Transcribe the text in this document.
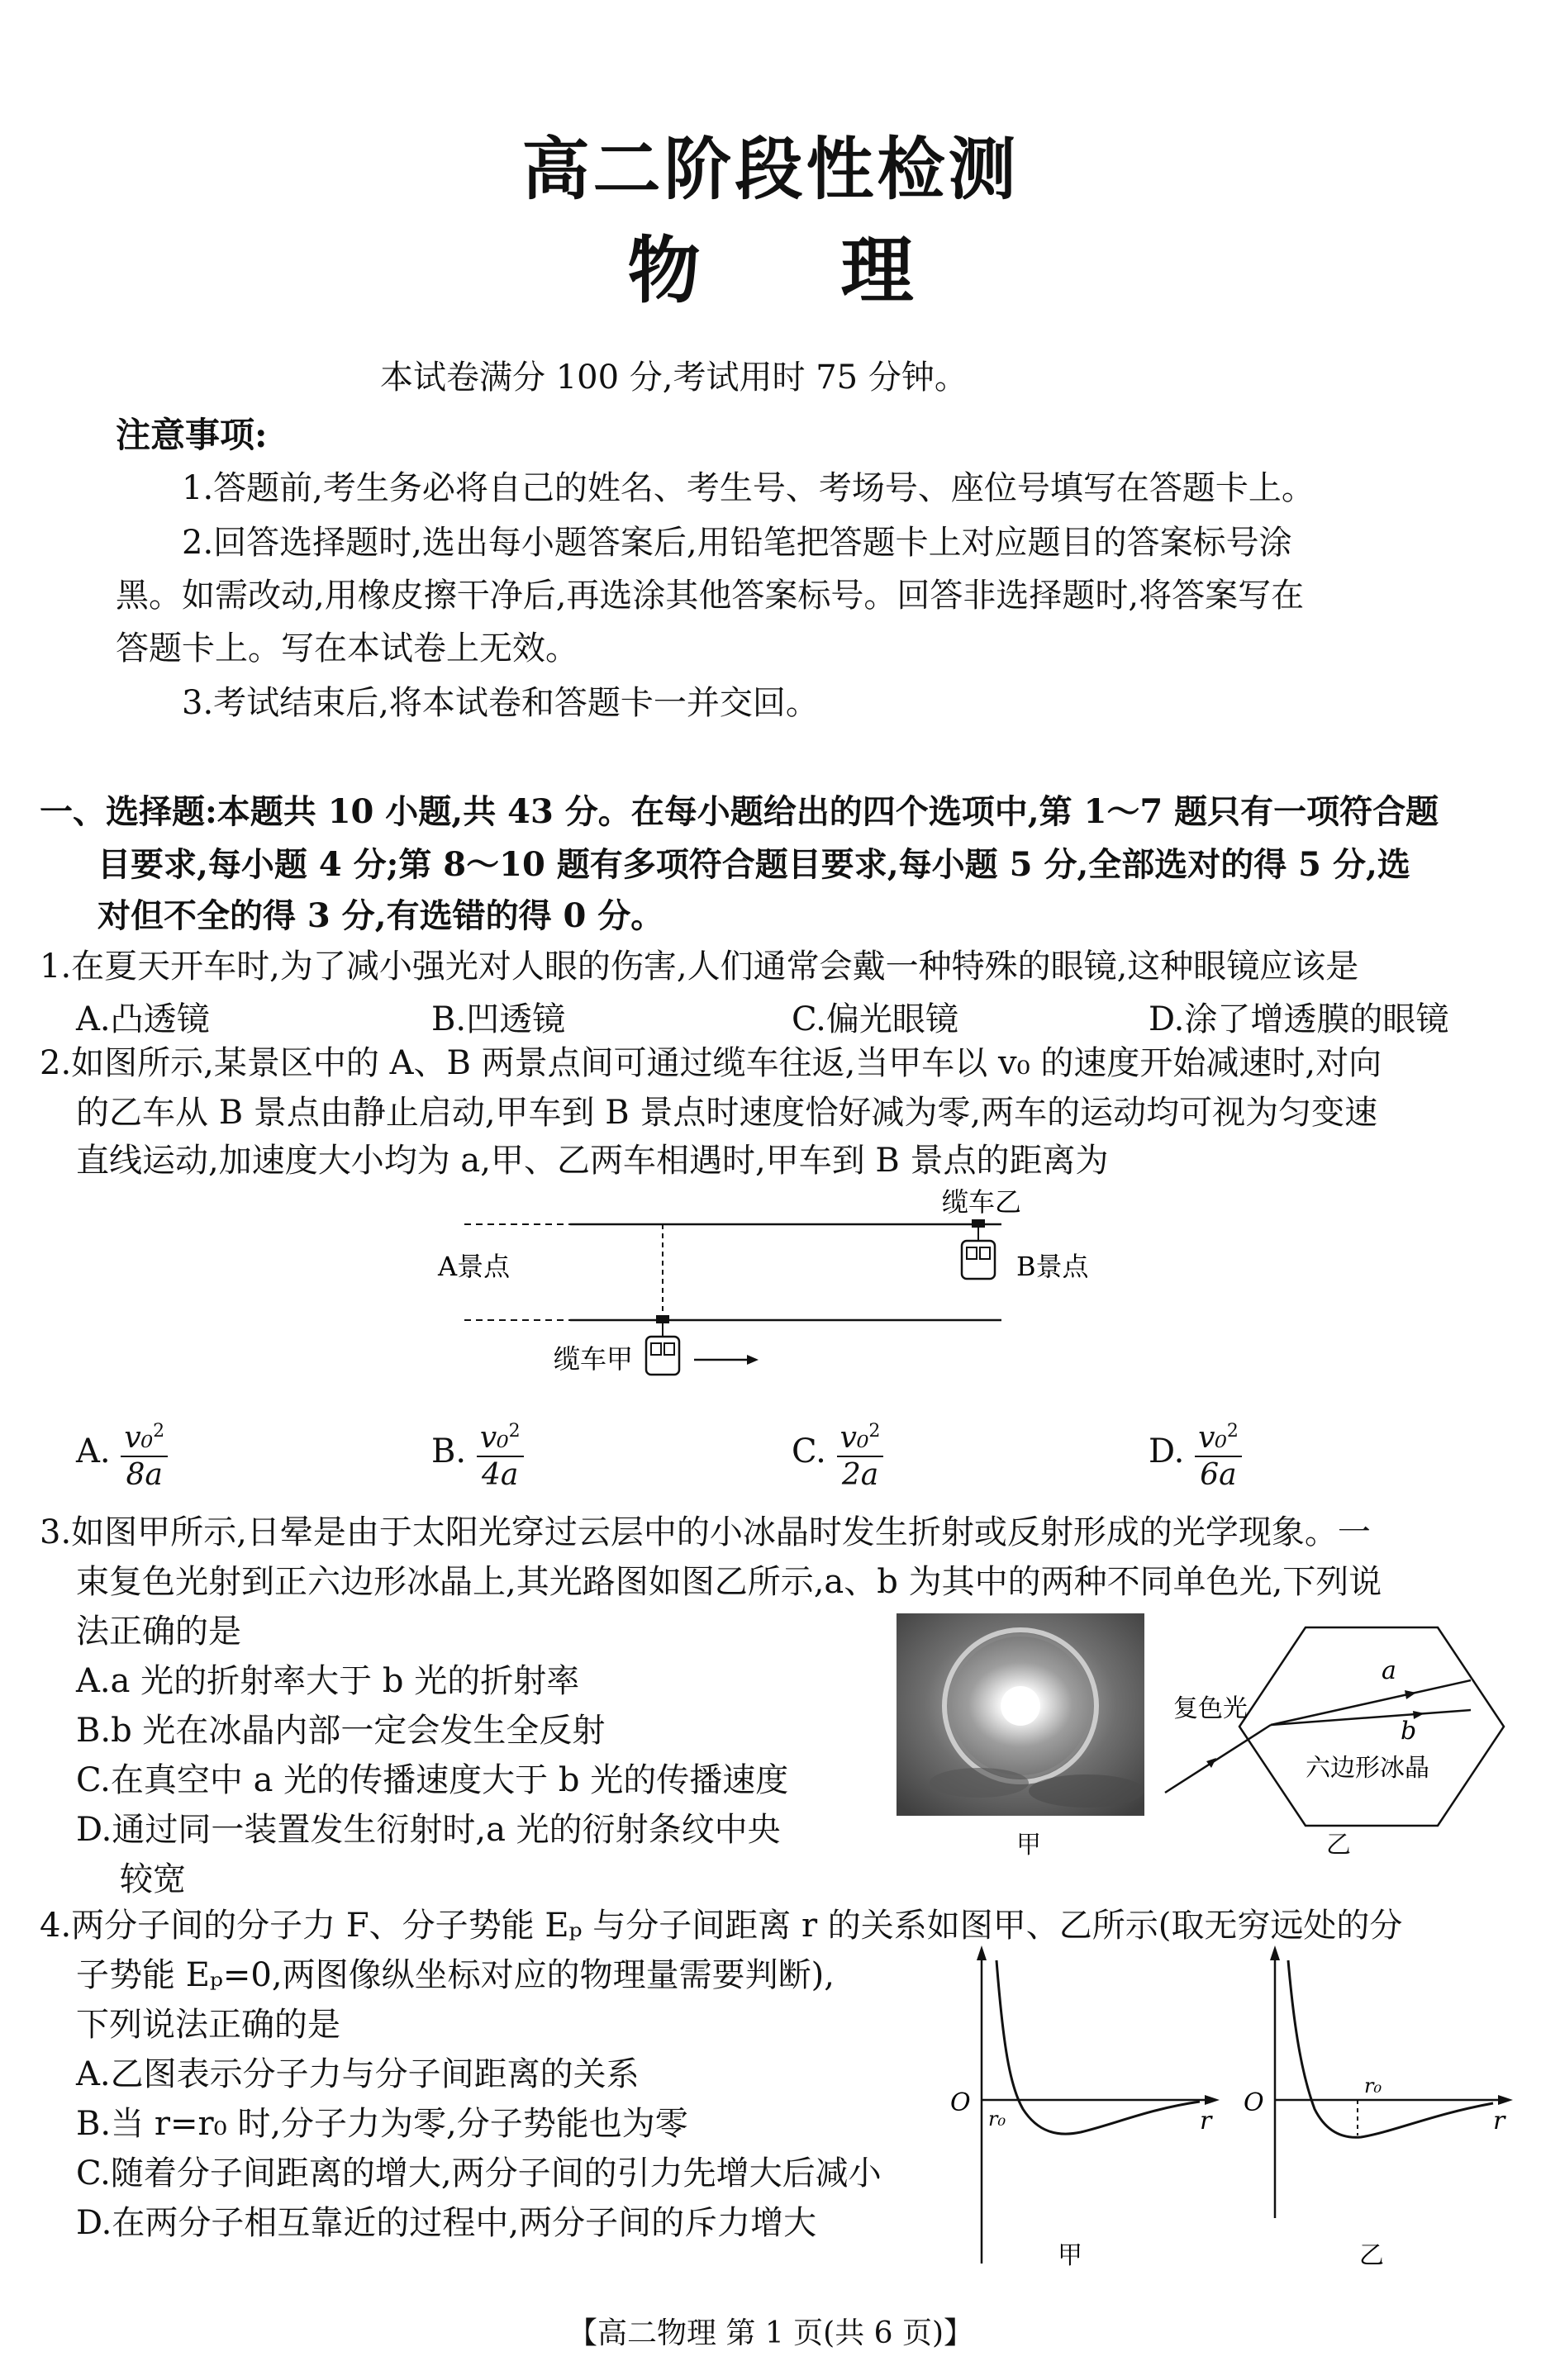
高二阶段性检测
物理
本试卷满分 100 分,考试用时 75 分钟。
注意事项:
1.答题前,考生务必将自己的姓名、考生号、考场号、座位号填写在答题卡上。
2.回答选择题时,选出每小题答案后,用铅笔把答题卡上对应题目的答案标号涂
黑。如需改动,用橡皮擦干净后,再选涂其他答案标号。回答非选择题时,将答案写在
答题卡上。写在本试卷上无效。
3.考试结束后,将本试卷和答题卡一并交回。
一、选择题:本题共 10 小题,共 43 分。在每小题给出的四个选项中,第 1～7 题只有一项符合题
目要求,每小题 4 分;第 8～10 题有多项符合题目要求,每小题 5 分,全部选对的得 5 分,选
对但不全的得 3 分,有选错的得 0 分。
1.在夏天开车时,为了减小强光对人眼的伤害,人们通常会戴一种特殊的眼镜,这种眼镜应该是
A.凸透镜	B.凹透镜	C.偏光眼镜	D.涂了增透膜的眼镜
2.如图所示,某景区中的 A、B 两景点间可通过缆车往返,当甲车以 v₀ 的速度开始减速时,对向
的乙车从 B 景点由静止启动,甲车到 B 景点时速度恰好减为零,两车的运动均可视为匀变速
直线运动,加速度大小均为 a,甲、乙两车相遇时,甲车到 B 景点的距离为
A景点	B景点
缆车乙
缆车甲
A. $\frac{v_0^2}{8a}$	B. $\frac{v_0^2}{4a}$	C. $\frac{v_0^2}{2a}$	D. $\frac{v_0^2}{6a}$
3.如图甲所示,日晕是由于太阳光穿过云层中的小冰晶时发生折射或反射形成的光学现象。一
束复色光射到正六边形冰晶上,其光路图如图乙所示,a、b 为其中的两种不同单色光,下列说
法正确的是
A.a 光的折射率大于 b 光的折射率
B.b 光在冰晶内部一定会发生全反射
C.在真空中 a 光的传播速度大于 b 光的传播速度
D.通过同一装置发生衍射时,a 光的衍射条纹中央
较宽
甲
复色光
a
b
六边形冰晶
乙
4.两分子间的分子力 F、分子势能 Eₚ 与分子间距离 r 的关系如图甲、乙所示(取无穷远处的分
子势能 Eₚ=0,两图像纵坐标对应的物理量需要判断),
下列说法正确的是
A.乙图表示分子力与分子间距离的关系
B.当 r=r₀ 时,分子力为零,分子势能也为零
C.随着分子间距离的增大,两分子间的引力先增大后减小
D.在两分子相互靠近的过程中,两分子间的斥力增大
O
r₀	r
甲
O
r₀
r
乙
【高二物理 第 1 页(共 6 页)】
